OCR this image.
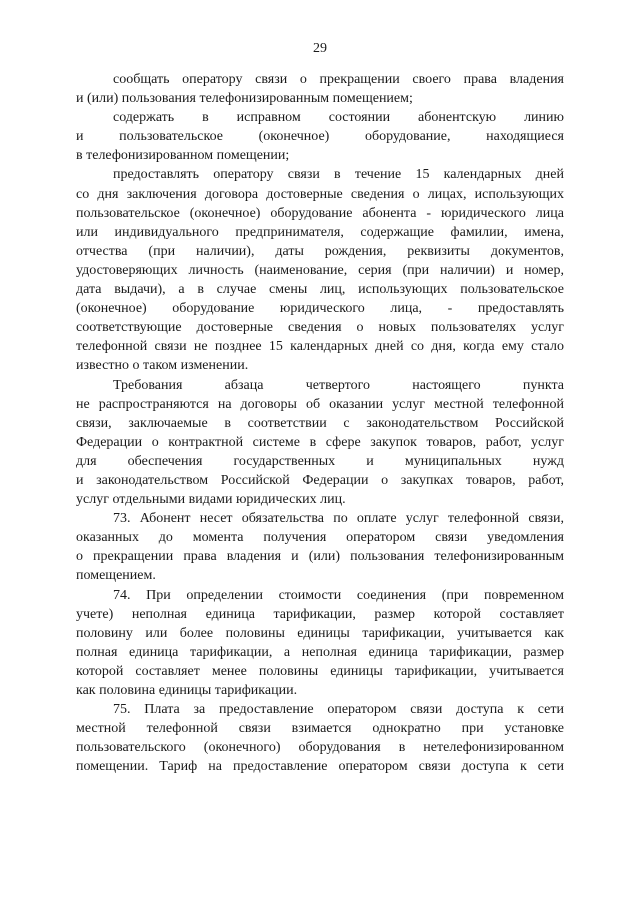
29
сообщать оператору связи о прекращении своего права владения
и (или) пользования телефонизированным помещением;
содержать в исправном состоянии абонентскую линию
и пользовательское (оконечное) оборудование, находящиеся
в телефонизированном помещении;
предоставлять оператору связи в течение 15 календарных дней
со дня заключения договора достоверные сведения о лицах, использующих
пользовательское (оконечное) оборудование абонента - юридического лица
или индивидуального предпринимателя, содержащие фамилии, имена,
отчества (при наличии), даты рождения, реквизиты документов,
удостоверяющих личность (наименование, серия (при наличии) и номер,
дата выдачи), а в случае смены лиц, использующих пользовательское
(оконечное) оборудование юридического лица, - предоставлять
соответствующие достоверные сведения о новых пользователях услуг
телефонной связи не позднее 15 календарных дней со дня, когда ему стало
известно о таком изменении.
Требования абзаца четвертого настоящего пункта
не распространяются на договоры об оказании услуг местной телефонной
связи, заключаемые в соответствии с законодательством Российской
Федерации о контрактной системе в сфере закупок товаров, работ, услуг
для обеспечения государственных и муниципальных нужд
и законодательством Российской Федерации о закупках товаров, работ,
услуг отдельными видами юридических лиц.
73. Абонент несет обязательства по оплате услуг телефонной связи,
оказанных до момента получения оператором связи уведомления
о прекращении права владения и (или) пользования телефонизированным
помещением.
74. При определении стоимости соединения (при повременном
учете) неполная единица тарификации, размер которой составляет
половину или более половины единицы тарификации, учитывается как
полная единица тарификации, а неполная единица тарификации, размер
которой составляет менее половины единицы тарификации, учитывается
как половина единицы тарификации.
75. Плата за предоставление оператором связи доступа к сети
местной телефонной связи взимается однократно при установке
пользовательского (оконечного) оборудования в нетелефонизированном
помещении. Тариф на предоставление оператором связи доступа к сети
